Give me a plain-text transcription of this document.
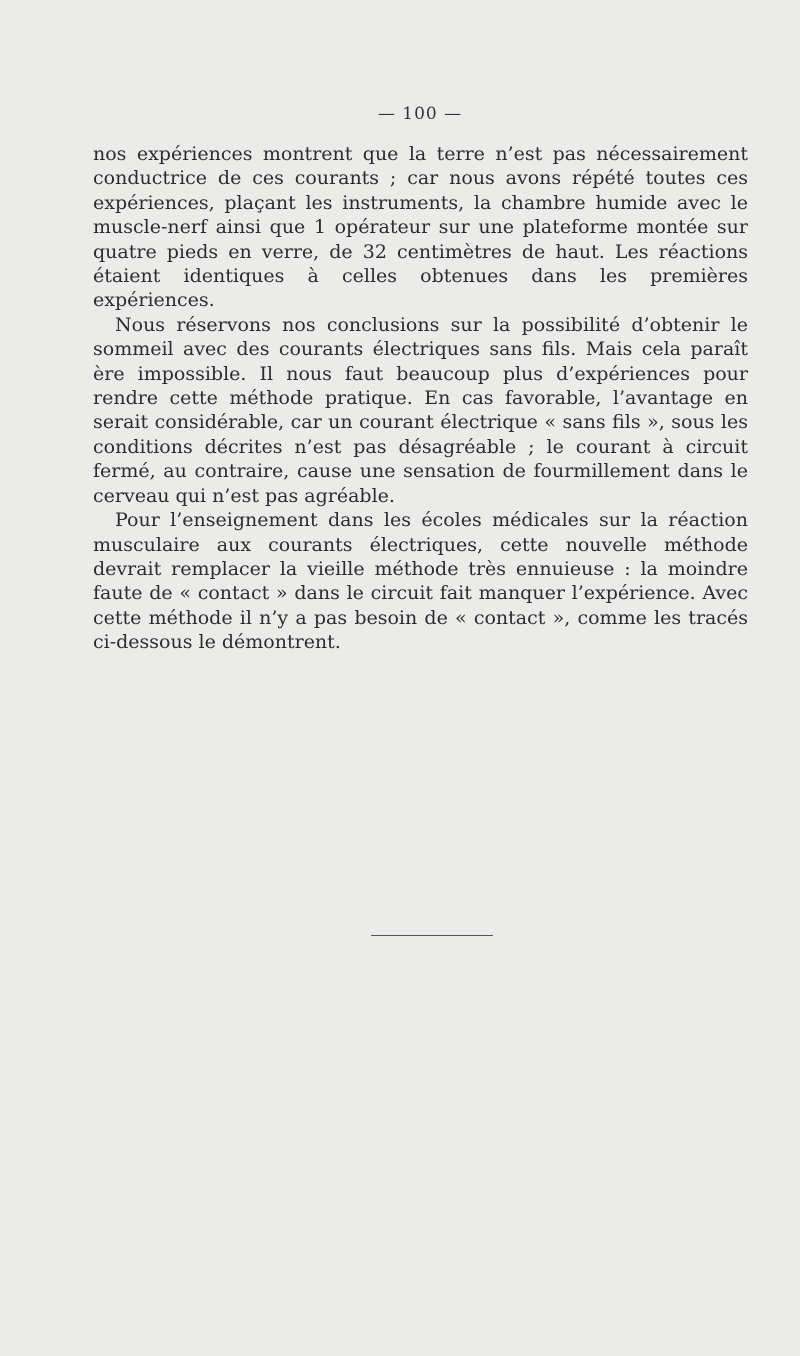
— 100 —

nos expériences montrent que la terre n’est pas nécessairement conductrice de ces courants ; car nous avons répété toutes ces expériences, plaçant les instruments, la chambre humide avec le muscle-nerf ainsi que 1 opérateur sur une plateforme montée sur quatre pieds en verre, de 32 centimètres de haut. Les réactions étaient identiques à celles obtenues dans les premières expériences.

Nous réservons nos conclusions sur la possibilité d’obtenir le sommeil avec des courants électriques sans fils. Mais cela paraît ère impossible. Il nous faut beaucoup plus d’expériences pour rendre cette méthode pratique. En cas favorable, l’avantage en serait considérable, car un courant électrique « sans fils », sous les conditions décrites n’est pas désagréable ; le courant à circuit fermé, au contraire, cause une sensation de fourmillement dans le cerveau qui n’est pas agréable.

Pour l’enseignement dans les écoles médicales sur la réaction musculaire aux courants électriques, cette nouvelle méthode devrait remplacer la vieille méthode très ennuieuse : la moindre faute de « contact » dans le circuit fait manquer l’expérience. Avec cette méthode il n’y a pas besoin de « contact », comme les tracés ci-dessous le démontrent.
